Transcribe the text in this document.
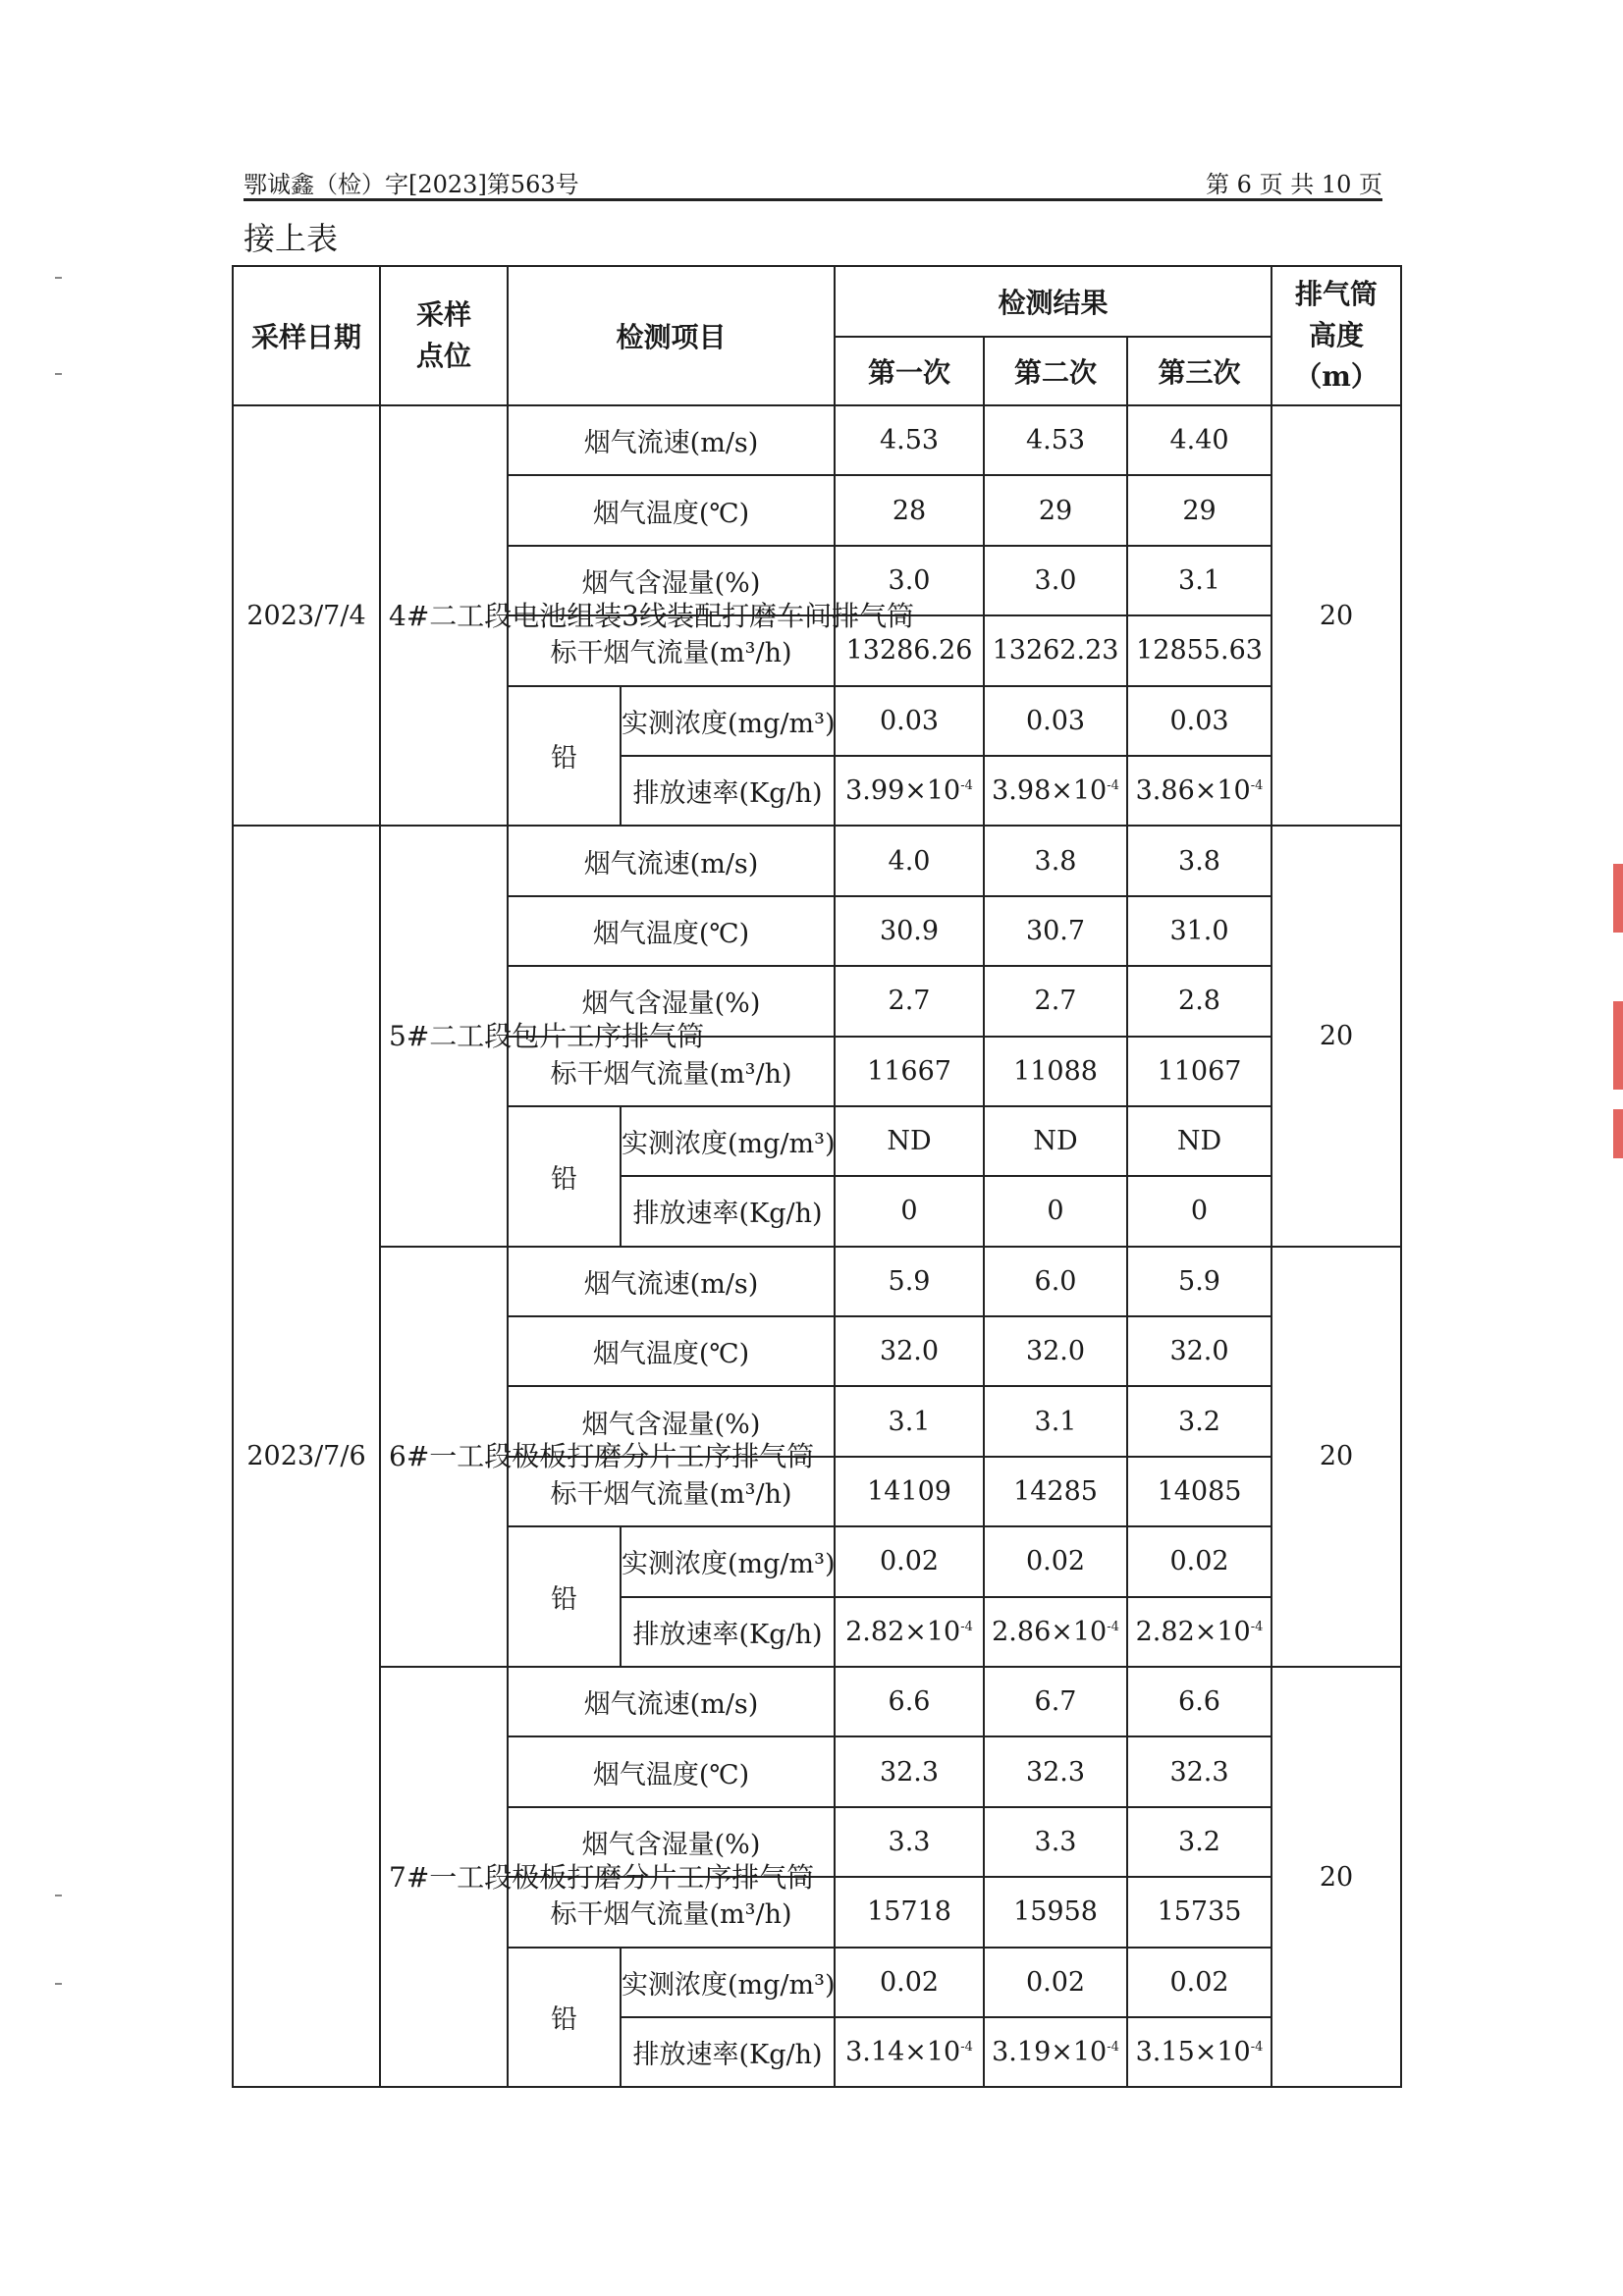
鄂诚鑫（检）字[2023]第563号	第 6 页 共 10 页
接上表
采样日期	采样点位	检测项目		检测结果			排气筒高度（m）

				第一次	第二次	第三次	
2023/7/4	4#二工段电池组装3线装配打磨车间排气筒	烟气流速(m/s)		4.53	4.53	4.40	20
		烟气温度(℃)		28	29	29	
		烟气含湿量(%)		3.0	3.0	3.1	
		标干烟气流量(m³/h)		13286.26	13262.23	12855.63	
		铅	实测浓度(mg/m³)	0.03	0.03	0.03	
			排放速率(Kg/h)	$3.99\times 10^{-4}$	$3.98\times 10^{-4}$	$3.86\times 10^{-4}$
2023/7/6	5#二工段包片工序排气筒	烟气流速(m/s)		4.0	3.8	3.8	20
		烟气温度(℃)		30.9	30.7	31.0	
		烟气含湿量(%)		2.7	2.7	2.8	
		标干烟气流量(m³/h)		11667	11088	11067	
		铅	实测浓度(mg/m³)	ND	ND	ND	
			排放速率(Kg/h)	0	0	0	

	6#一工段极板打磨分片工序排气筒	烟气流速(m/s)		5.9	6.0	5.9	20
		烟气温度(℃)		32.0	32.0	32.0	
		烟气含湿量(%)		3.1	3.1	3.2	
		标干烟气流量(m³/h)		14109	14285	14085	
		铅	实测浓度(mg/m³)	0.02	0.02	0.02	
			排放速率(Kg/h)	$2.82\times 10^{-4}$	$2.86\times 10^{-4}$	$2.82\times 10^{-4}$

	7#一工段极板打磨分片工序排气筒	烟气流速(m/s)		6.6	6.7	6.6	20
		烟气温度(℃)		32.3	32.3	32.3	
		烟气含湿量(%)		3.3	3.3	3.2	
		标干烟气流量(m³/h)		15718	15958	15735	
		铅	实测浓度(mg/m³)	0.02	0.02	0.02	
			排放速率(Kg/h)	$3.14\times 10^{-4}$	$3.19\times 10^{-4}$	$3.15\times 10^{-4}$
